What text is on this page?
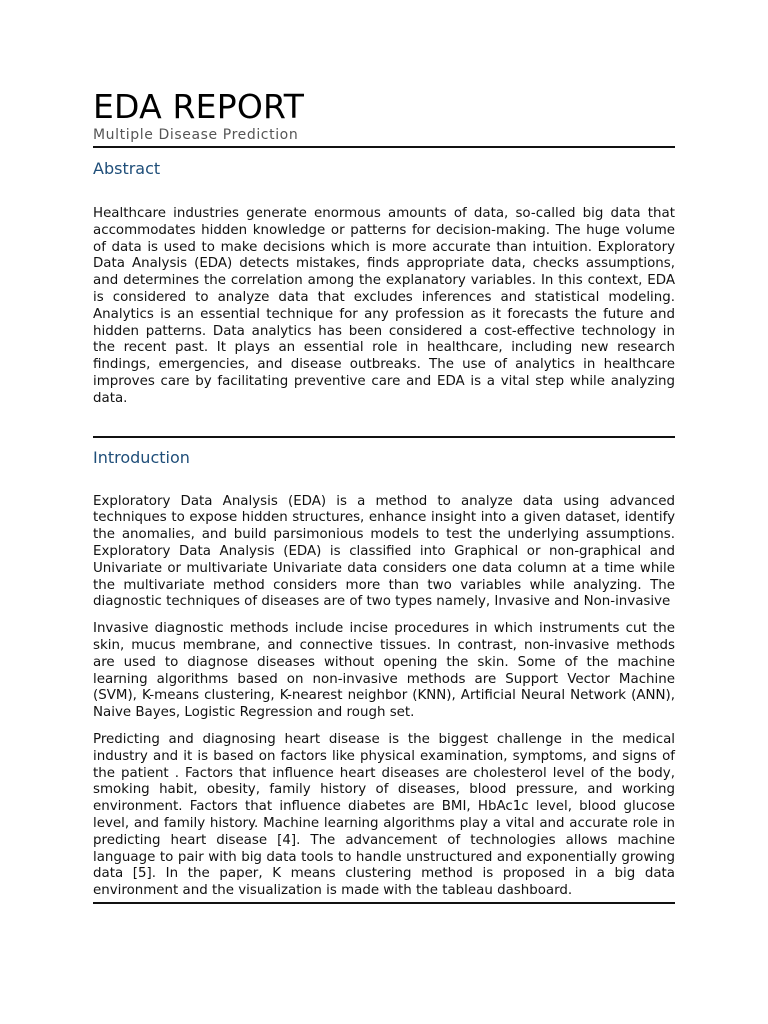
EDA REPORT
Multiple Disease Prediction
Abstract

Healthcare industries generate enormous amounts of data, so-called big data that accommodates hidden knowledge or patterns for decision-making. The huge volume of data is used to make decisions which is more accurate than intuition. Exploratory Data Analysis (EDA) detects mistakes, finds appropriate data, checks assumptions, and determines the correlation among the explanatory variables. In this context, EDA is considered to analyze data that excludes inferences and statistical modeling. Analytics is an essential technique for any profession as it forecasts the future and hidden patterns. Data analytics has been considered a cost-effective technology in the recent past. It plays an essential role in healthcare, including new research findings, emergencies, and disease outbreaks. The use of analytics in healthcare improves care by facilitating preventive care and EDA is a vital step while analyzing data.

Introduction

Exploratory Data Analysis (EDA) is a method to analyze data using advanced techniques to expose hidden structures, enhance insight into a given dataset, identify the anomalies, and build parsimonious models to test the underlying assumptions. Exploratory Data Analysis (EDA) is classified into Graphical or non-graphical and Univariate or multivariate Univariate data considers one data column at a time while the multivariate method considers more than two variables while analyzing. The diagnostic techniques of diseases are of two types namely, Invasive and Non-invasive

Invasive diagnostic methods include incise procedures in which instruments cut the skin, mucus membrane, and connective tissues. In contrast, non-invasive methods are used to diagnose diseases without opening the skin. Some of the machine learning algorithms based on non-invasive methods are Support Vector Machine (SVM), K-means clustering, K-nearest neighbor (KNN), Artificial Neural Network (ANN), Naive Bayes, Logistic Regression and rough set.

Predicting and diagnosing heart disease is the biggest challenge in the medical industry and it is based on factors like physical examination, symptoms, and signs of the patient . Factors that influence heart diseases are cholesterol level of the body, smoking habit, obesity, family history of diseases, blood pressure, and working environment. Factors that influence diabetes are BMI, HbAc1c level, blood glucose level, and family history. Machine learning algorithms play a vital and accurate role in predicting heart disease [4]. The advancement of technologies allows machine language to pair with big data tools to handle unstructured and exponentially growing data [5]. In the paper, K means clustering method is proposed in a big data environment and the visualization is made with the tableau dashboard.
